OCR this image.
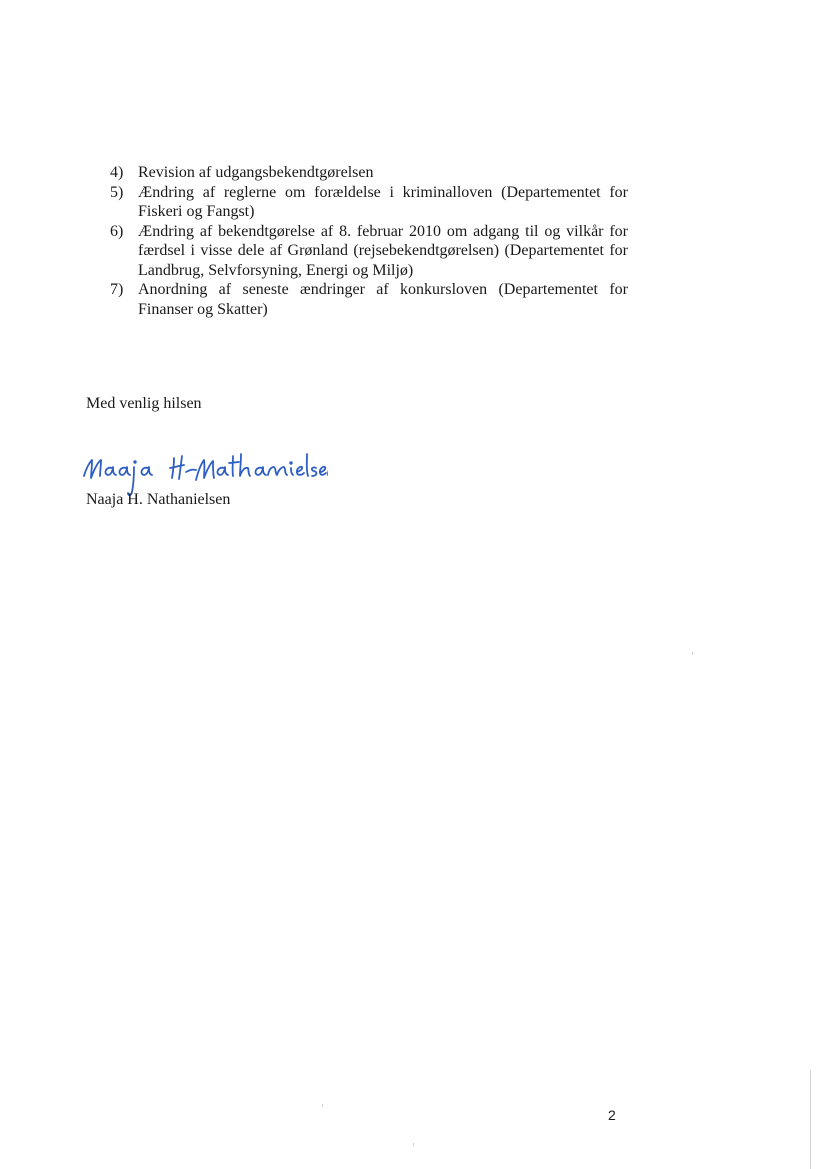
4) Revision af udgangsbekendtgørelsen
5) Ændring af reglerne om forældelse i kriminalloven (Departementet for Fiskeri og Fangst)
6) Ændring af bekendtgørelse af 8. februar 2010 om adgang til og vilkår for færdsel i visse dele af Grønland (rejsebekendtgørelsen) (Departementet for Landbrug, Selvforsyning, Energi og Miljø)
7) Anordning af seneste ændringer af konkursloven (Departementet for Finanser og Skatter)

Med venlig hilsen

Naaja H. Nathanielsen

2
